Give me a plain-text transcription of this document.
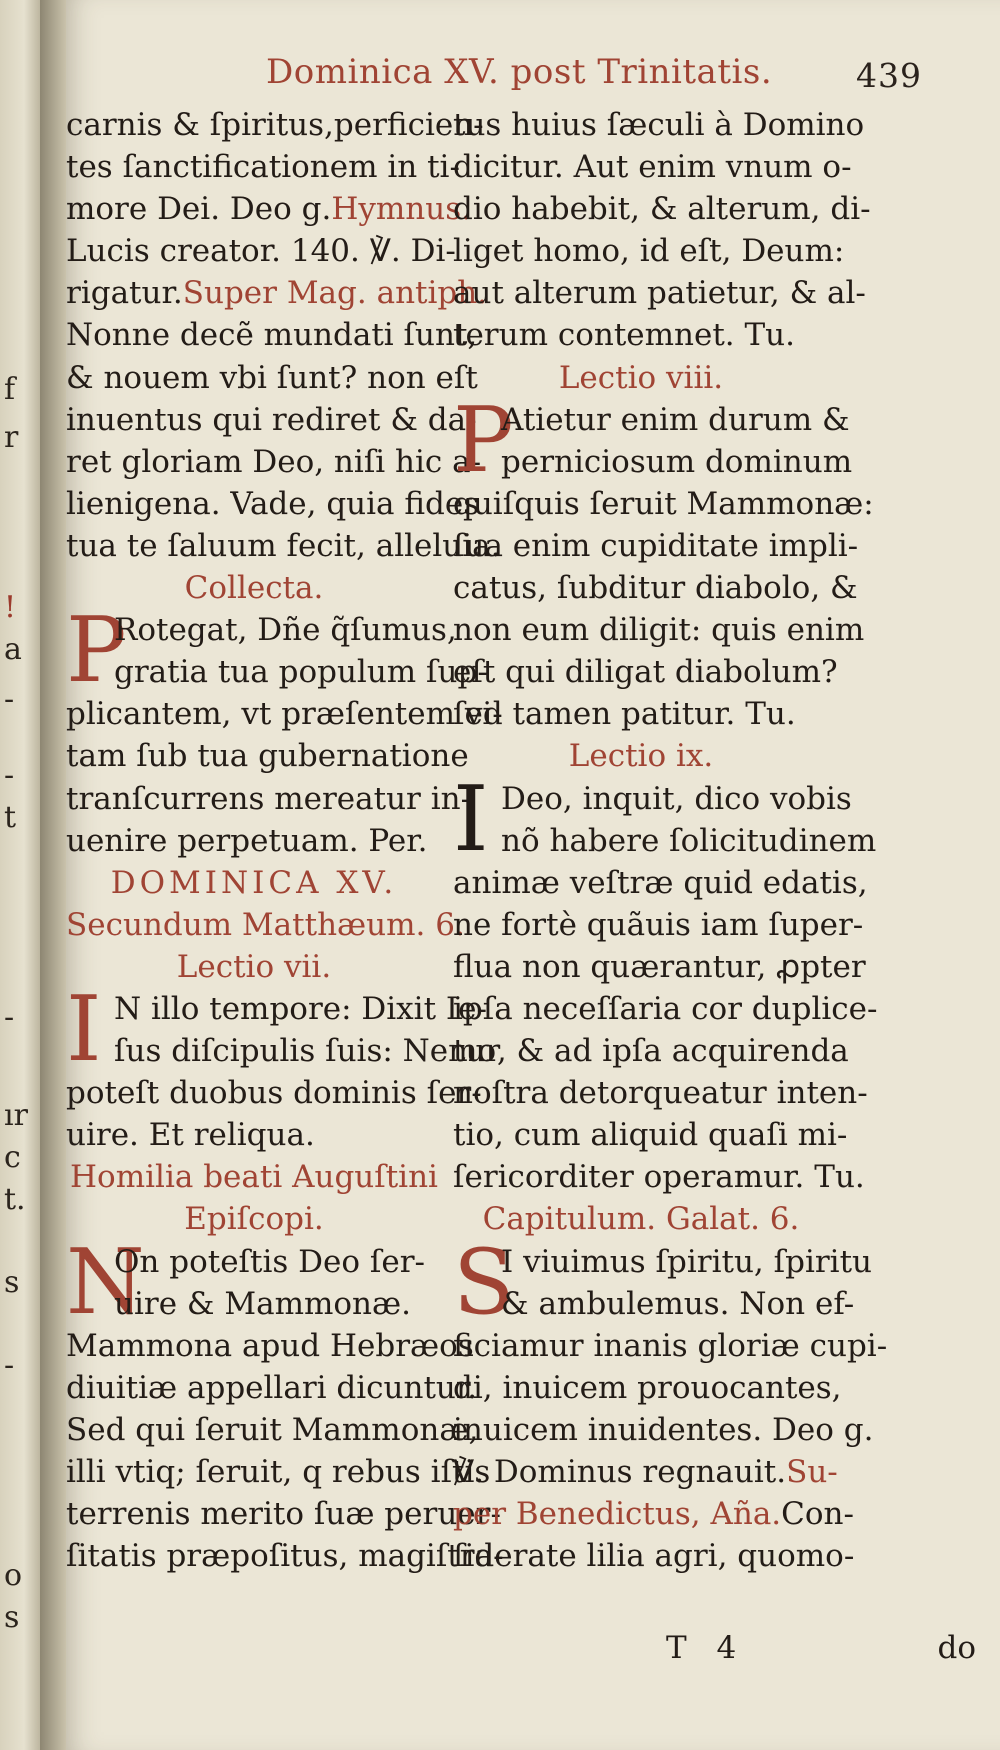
f
r
!
a
-
-
t
-
ır
c
t.
s
-
o
s
Dominica XV. post Trinitatis.	439
carnis & ſpiritus,perficien-
tes ſanctificationem in ti-
more Dei. Deo g. Hymnus.
Lucis creator. 140. ℣. Di-
rigatur. Super Mag. antiph.
Nonne decẽ mundati ſunt,
& nouem vbi ſunt? non eſt
inuentus qui rediret & da-
ret gloriam Deo, niſi hic a-
lienigena. Vade, quia fides
tua te ſaluum fecit, alleluia.
Collecta.
P
Rotegat, Dñe q̃ſumus,
gratia tua populum ſup-
plicantem, vt præſentem vi-
tam ſub tua gubernatione
tranſcurrens mereatur in-
uenire perpetuam. Per.
DOMINICA XV.
Secundum Matthæum. 6.
Lectio vii.
I N illo tempore: Dixit Ie-
ſus diſcipulis ſuis: Nemo
poteſt duobus dominis ſer-
uire. Et reliqua.
Homilia beati Auguſtini
Epiſcopi.
N
On poteſtis Deo ſer-
uire & Mammonæ.
Mammona apud Hebræos
diuitiæ appellari dicuntur.
Sed qui ſeruit Mammonæ,
illi vtiq; ſeruit, q rebus iſtis
terrenis merito ſuæ peruer-
ſitatis præpoſitus, magiſtra-
tus huius ſæculi à Domino
dicitur. Aut enim vnum o-
dio habebit, & alterum, di-
liget homo, id eſt, Deum:
aut alterum patietur, & al-
terum contemnet. Tu.
Lectio viii.
P
Atietur enim durum &
perniciosum dominum
quiſquis ſeruit Mammonæ:
ſua enim cupiditate impli-
catus, ſubditur diabolo, &
non eum diligit: quis enim
eſt qui diligat diabolum?
ſed tamen patitur. Tu.
Lectio ix.
I Deo, inquit, dico vobis
nõ habere ſolicitudinem
animæ veſtræ quid edatis,
ne fortè quãuis iam ſuper-
flua non quærantur, ꝓpter
ipſa neceſſaria cor duplice-
tur, & ad ipſa acquirenda
noſtra detorqueatur inten-
tio, cum aliquid quaſi mi-
ſericorditer operamur. Tu.
Capitulum. Galat. 6.
S
I viuimus ſpiritu, ſpiritu
& ambulemus. Non ef-
ficiamur inanis gloriæ cupi-
di, inuicem prouocantes,
inuicem inuidentes. Deo g.
℣. Dominus regnauit. Su-
per Benedictus, Aña. Con-
ſiderate lilia agri, quomo-
T 4	do
